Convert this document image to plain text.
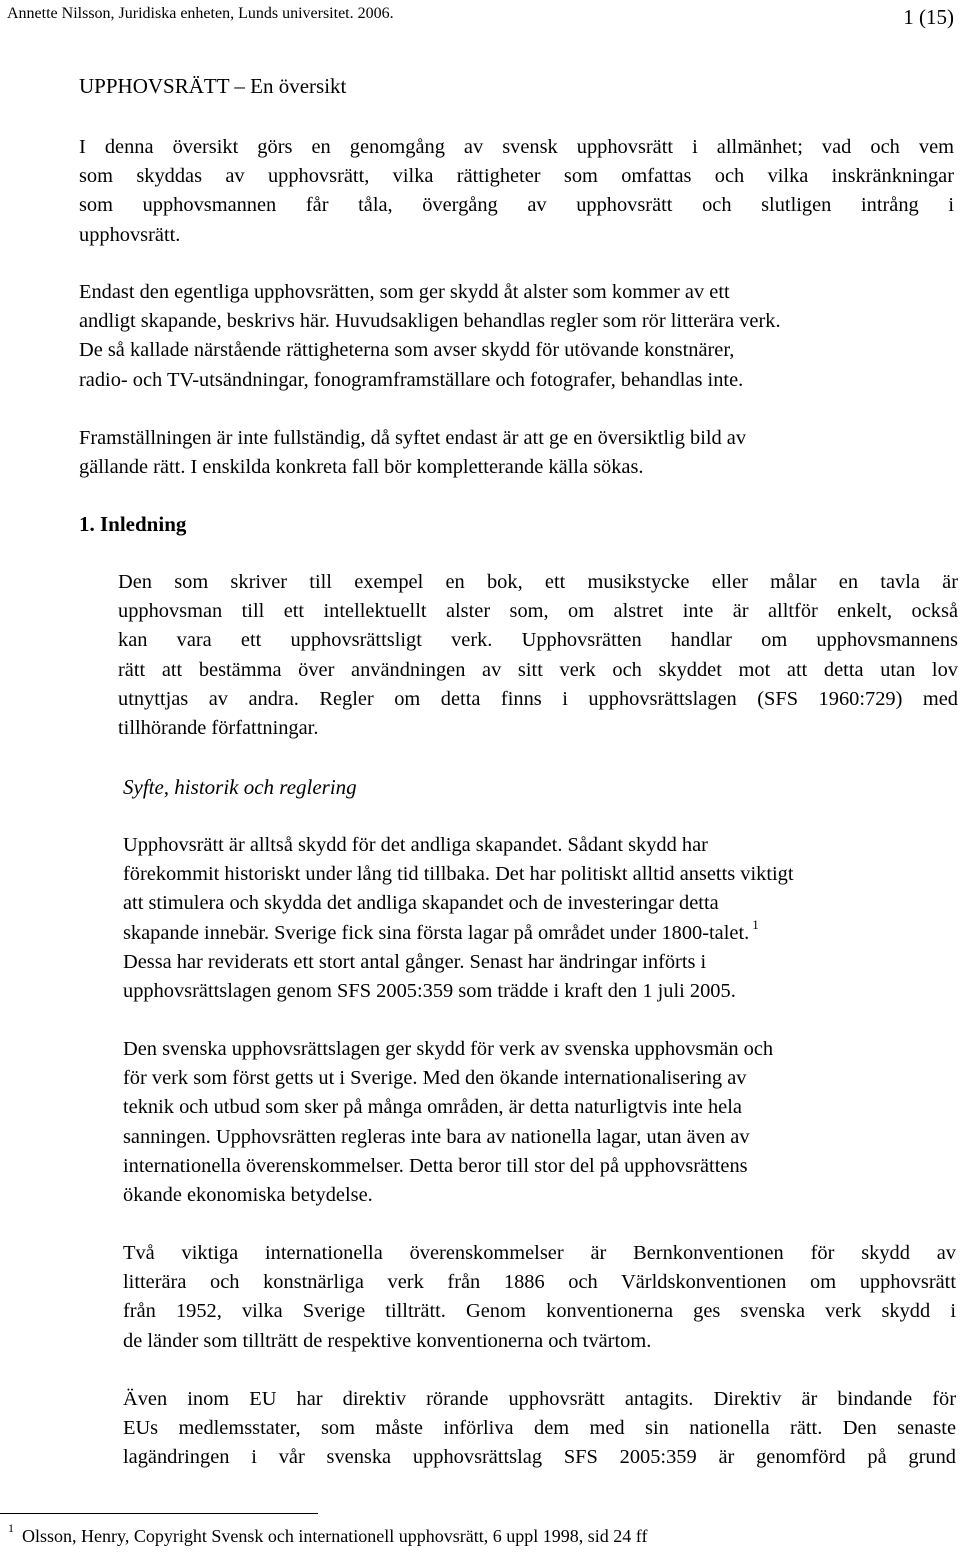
Annette Nilsson, Juridiska enheten, Lunds universitet. 2006.	1 (15)
UPPHOVSRÄTT – En översikt
I denna översikt görs en genomgång av svensk upphovsrätt i allmänhet; vad och vem
som skyddas av upphovsrätt, vilka rättigheter som omfattas och vilka inskränkningar
som upphovsmannen får tåla, övergång av upphovsrätt och slutligen intrång i
upphovsrätt.
Endast den egentliga upphovsrätten, som ger skydd åt alster som kommer av ett
andligt skapande, beskrivs här. Huvudsakligen behandlas regler som rör litterära verk.
De så kallade närstående rättigheterna som avser skydd för utövande konstnärer,
radio- och TV-utsändningar, fonogramframställare och fotografer, behandlas inte.
Framställningen är inte fullständig, då syftet endast är att ge en översiktlig bild av
gällande rätt. I enskilda konkreta fall bör kompletterande källa sökas.
1. Inledning
Den som skriver till exempel en bok, ett musikstycke eller målar en tavla är
upphovsman till ett intellektuellt alster som, om alstret inte är alltför enkelt, också
kan vara ett upphovsrättsligt verk. Upphovsrätten handlar om upphovsmannens
rätt att bestämma över användningen av sitt verk och skyddet mot att detta utan lov
utnyttjas av andra. Regler om detta finns i upphovsrättslagen (SFS 1960:729) med
tillhörande författningar.
Syfte, historik och reglering
Upphovsrätt är alltså skydd för det andliga skapandet. Sådant skydd har
förekommit historiskt under lång tid tillbaka. Det har politiskt alltid ansetts viktigt
att stimulera och skydda det andliga skapandet och de investeringar detta
skapande innebär. Sverige fick sina första lagar på området under 1800-talet. $^1$
Dessa har reviderats ett stort antal gånger. Senast har ändringar införts i
upphovsrättslagen genom SFS 2005:359 som trädde i kraft den 1 juli 2005.
Den svenska upphovsrättslagen ger skydd för verk av svenska upphovsmän och
för verk som först getts ut i Sverige. Med den ökande internationalisering av
teknik och utbud som sker på många områden, är detta naturligtvis inte hela
sanningen. Upphovsrätten regleras inte bara av nationella lagar, utan även av
internationella överenskommelser. Detta beror till stor del på upphovsrättens
ökande ekonomiska betydelse.
Två viktiga internationella överenskommelser är Bernkonventionen för skydd av
litterära och konstnärliga verk från 1886 och Världskonventionen om upphovsrätt
från 1952, vilka Sverige tillträtt. Genom konventionerna ges svenska verk skydd i
de länder som tillträtt de respektive konventionerna och tvärtom.
Även inom EU har direktiv rörande upphovsrätt antagits. Direktiv är bindande för
EUs medlemsstater, som måste införliva dem med sin nationella rätt. Den senaste
lagändringen i vår svenska upphovsrättslag SFS 2005:359 är genomförd på grund
$^1$ Olsson, Henry, Copyright Svensk och internationell upphovsrätt, 6 uppl 1998, sid 24 ff
